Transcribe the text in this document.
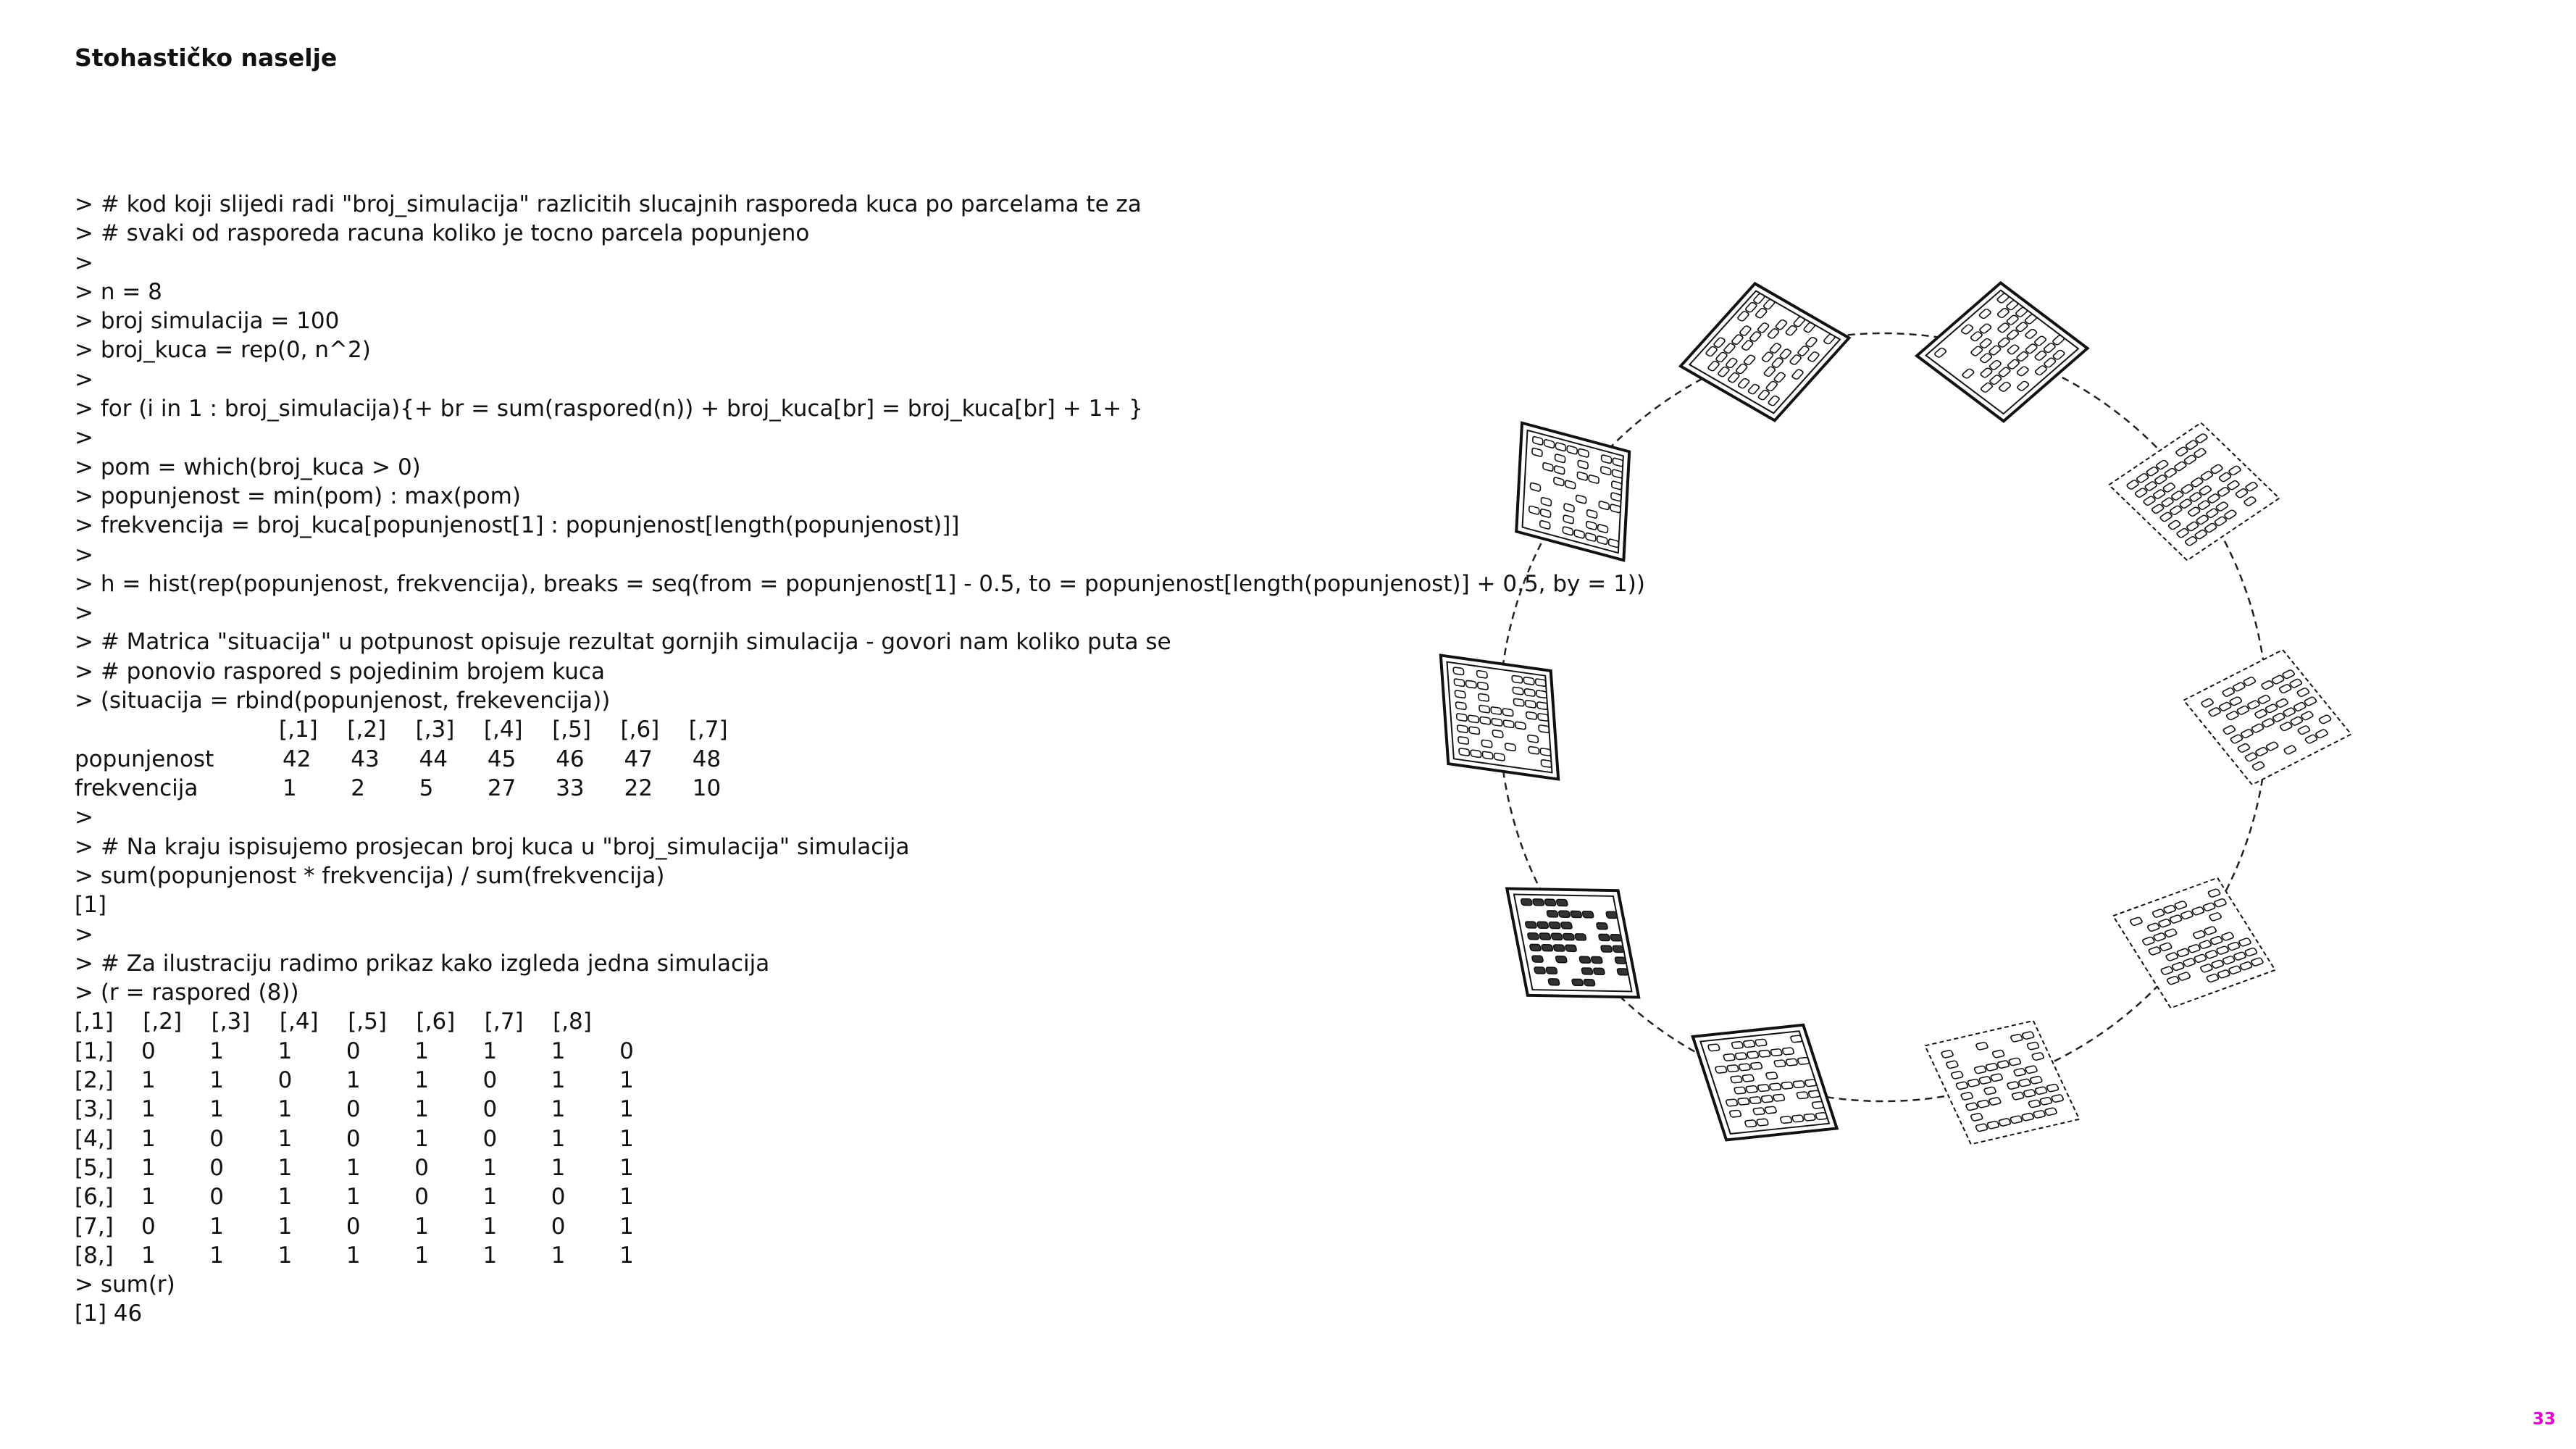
Stohastičko naselje
> # kod koji slijedi radi "broj_simulacija" razlicitih slucajnih rasporeda kuca po parcelama te za
> # svaki od rasporeda racuna koliko je tocno parcela popunjeno
>
> n = 8
> broj simulacija = 100
> broj_kuca = rep(0, n^2)
>
> for (i in 1 : broj_simulacija){+ br = sum(raspored(n)) + broj_kuca[br] = broj_kuca[br] + 1+ }
>
> pom = which(broj_kuca > 0)
> popunjenost = min(pom) : max(pom)
> frekvencija = broj_kuca[popunjenost[1] : popunjenost[length(popunjenost)]]
>
> h = hist(rep(popunjenost, frekvencija), breaks = seq(from = popunjenost[1] - 0.5, to = popunjenost[length(popunjenost)] + 0.5, by = 1))
>
> # Matrica "situacija" u potpunost opisuje rezultat gornjih simulacija - govori nam koliko puta se
> # ponovio raspored s pojedinim brojem kuca
> (situacija = rbind(popunjenost, frekevencija))
[,1] [,2] [,3] [,4] [,5] [,6] [,7]
popunjenost	42 43 44 45 46 47 48
frekvencija	1 2 5 27 33 22 10
>
> # Na kraju ispisujemo prosjecan broj kuca u "broj_simulacija" simulacija
> sum(popunjenost * frekvencija) / sum(frekvencija)
[1]
>
> # Za ilustraciju radimo prikaz kako izgleda jedna simulacija
> (r = raspored (8))
[,1] [,2] [,3] [,4] [,5] [,6] [,7] [,8]
[1,] 0 1 1 0 1 1 1 0
[2,] 1 1 0 1 1 0 1 1
[3,] 1 1 1 0 1 0 1 1
[4,] 1 0 1 0 1 0 1 1
[5,] 1 0 1 1 0 1 1 1
[6,] 1 0 1 1 0 1 0 1
[7,] 0 1 1 0 1 1 0 1
[8,] 1 1 1 1 1 1 1 1
> sum(r)
[1] 46
33
